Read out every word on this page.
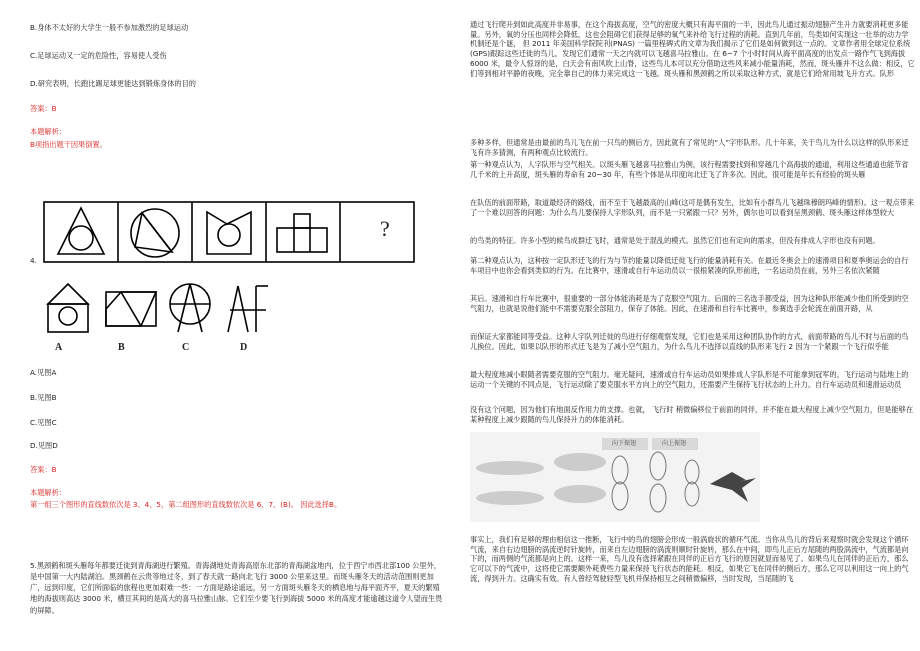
B.身体不太好的大学生一般不参加激烈的足球运动
C.足球运动又一定的危险性，容易使人受伤
D.研究表明，长跑比踢足球更能达到锻炼身体的目的
答案：B
本题解析：
B项指出题干因果倒置。
?
4.
A	B	C	D
A.见图A
B.见图B
C.见图C
D.见图D
答案：B
本题解析：
第一组三个图形的直线数依次是 3、4、5，第二组图形的直线数依次是 6、7、(B)。 因此选择B。
5.黑颈鹤和斑头雁每年都要迁徙到青海湖进行繁殖。青海湖地处青海高原东北部的青海湖盆地内，位于西宁市西北部100 公里外，是中国第一大内陆湖泊。黑颈鹤在云贵等地过冬，到了春天就一路向北飞行 3000 公里来这里。而斑头雁冬天的活动范围则更加广，远到印度，它们所面临的旅程也更加艰难一些：一方面是路途遥远，另一方面斑头雁冬天的栖息地与海平面齐平，夏天的繁殖地的海拔则高达 3000 米，横亘其间的是高大的喜马拉雅山脉。它们至少要飞行到海拔 5000 米的高度才能逾越这道令人望而生畏的屏障。
通过飞行爬升到如此高度并非易事，在这个海拔高度，空气的密度大概只有海平面的一半，因此鸟儿通过振动翅膀产生升力就要消耗更多能量。另外，氧的分压也同样会降低，这也会阻碍它们获得足够的氧气来补给飞行过程的消耗。直到几年前，鸟类如何实现这一壮举的动力学机制还是个谜， 但 2011 年美国科学院院刊(PNAS) 一篇里程碑式的文章为我们揭示了它们是如何做到这一点的。文章作者用全球定位系统(GPS)跟踪这些迁徙的鸟儿，发现它们通常一天之内就可以飞越喜马拉雅山。在 6~7 个小时时间从海平面高度的出发点一路作气飞到海拔 6000 米，最令人惊讶的是，白天会有南风吹上山脊，这些鸟儿本可以充分借助这些风来减小能量消耗，然而，斑头雁并不这么做：相反，它们等到相对平静的夜晚，完全靠自己的体力来完成这一飞越。斑头雁和黑颈鹤之所以采取这种方式，就是它们给常用坡飞升方式。队形
多种多样，但通常是由最前的鸟儿飞在前一只鸟的侧后方，因此就有了常见的“人”字形队形。几十年来，关于鸟儿为什么以这样的队形来迁飞有许多猜测，有两种观点比较流行。
第一种观点认为，人字队形与空气相关。以斑头雁飞越喜马拉雅山为例，该行程需要找到和穿越几个高海拔的通道，利用这些通道也能节省几千米的上升高度，斑头雁的寿命有 20~30 年，有些个体是从印度向北迁飞了许多次。因此，很可能是年长有经验的斑头雁
在队伍的前面带路，取道最经济的路线，而不至于飞越最高的山峰(这可是偶有发生，比如有小群鸟儿飞越珠穆朗玛峰的情形)。这一观点带来了一个难以回答的问题：为什么鸟儿要保持人字形队列，而不是一只紧跟一只？另外，偶尔也可以看到呈黑颈鹤、斑头雁这样体型较大
的鸟类的特征。许多小型的候鸟成群迁飞时，通常是处于混乱的模式。虽然它们也有定向的需求，但没有排成人字形也没有问题。
第二种观点认为，这种按一定队形迁飞的行为与节约能量以降低迁徙飞行的能量消耗有关。在最近冬奥会上的速滑项目和夏季奥运会的自行车项目中也你会看到类似的行为。在比赛中，速滑或自行车运动员以一很根紧凑的队形前进，一名运动员在前，另外三名依次紧随
其后。速滑和自行车比赛中，很重要的一部分体能消耗是为了克服空气阻力。后面的三名选手都受益，因为这种队形能减少他们所受到的空气阻力，也就是说他们能中不需要克服全部阻力，保存了体能。因此，在速滑和自行车比赛中，参赛选手会轮流在前面开路，从
而保证大家都能同等受益。这种人字队列迁徙的鸟进行仔细观察发现，它们也是采用这种团队协作的方式，前面带路的鸟儿不时与后面的鸟儿换位。因此，如果以队形的形式迁飞是为了减小空气阻力，为什么鸟儿不选择以直线的队形来飞行 2 因为一个紧跟一个飞行似乎能
最大程度地减小眼随者需要克服的空气阻力。毫无疑问，速滑或自行车运动员如果排成人字队形是不可能拿到冠军的。飞行运动与陆地上的运动一个关键的不同点是，飞行运动除了要克服水平方向上的空气阻力，还需要产生保持飞行状态的上升力。自行车运动员和速滑运动员
没有这个问题，因为他们有地面反作用力的支撑。也就， 飞行时 稍微偏移位于前面的同伴，并不能在最大程度上减少空气阻力，但是能够在某种程度上减少跟随的鸟儿保持升力的体能消耗。
向下振翅	向上振翅
事实上，我们有足够的理由相信这一推断，飞行中的鸟的翅膀会形成一般涡旋状的循环气流。当你从鸟儿的背后来观察时就会发现这个循环气流，来自右边翅膀的涡流逆时针旋转，而来自左边翅膀的涡流则顺时针旋转，那么在中间，即鸟儿正后方尾随的两股涡流中，气流都是向下的，而两侧的气流都是向上的。这样一来，鸟儿没有选择紧跟在同伴的正后方飞行的原因就显而易见了。如果鸟儿在同伴的正后方，那么它可以下的气流中，这将使它需要额外耗费些力量来保持飞行状态的能耗。相反，如果它飞在同伴的侧后方，那么它可以利用这一向上的气流，得到升力。这确实有效。有人曾经驾驶轻型飞机并保持相互之间稍微偏移，当时发现，当尾随的飞
